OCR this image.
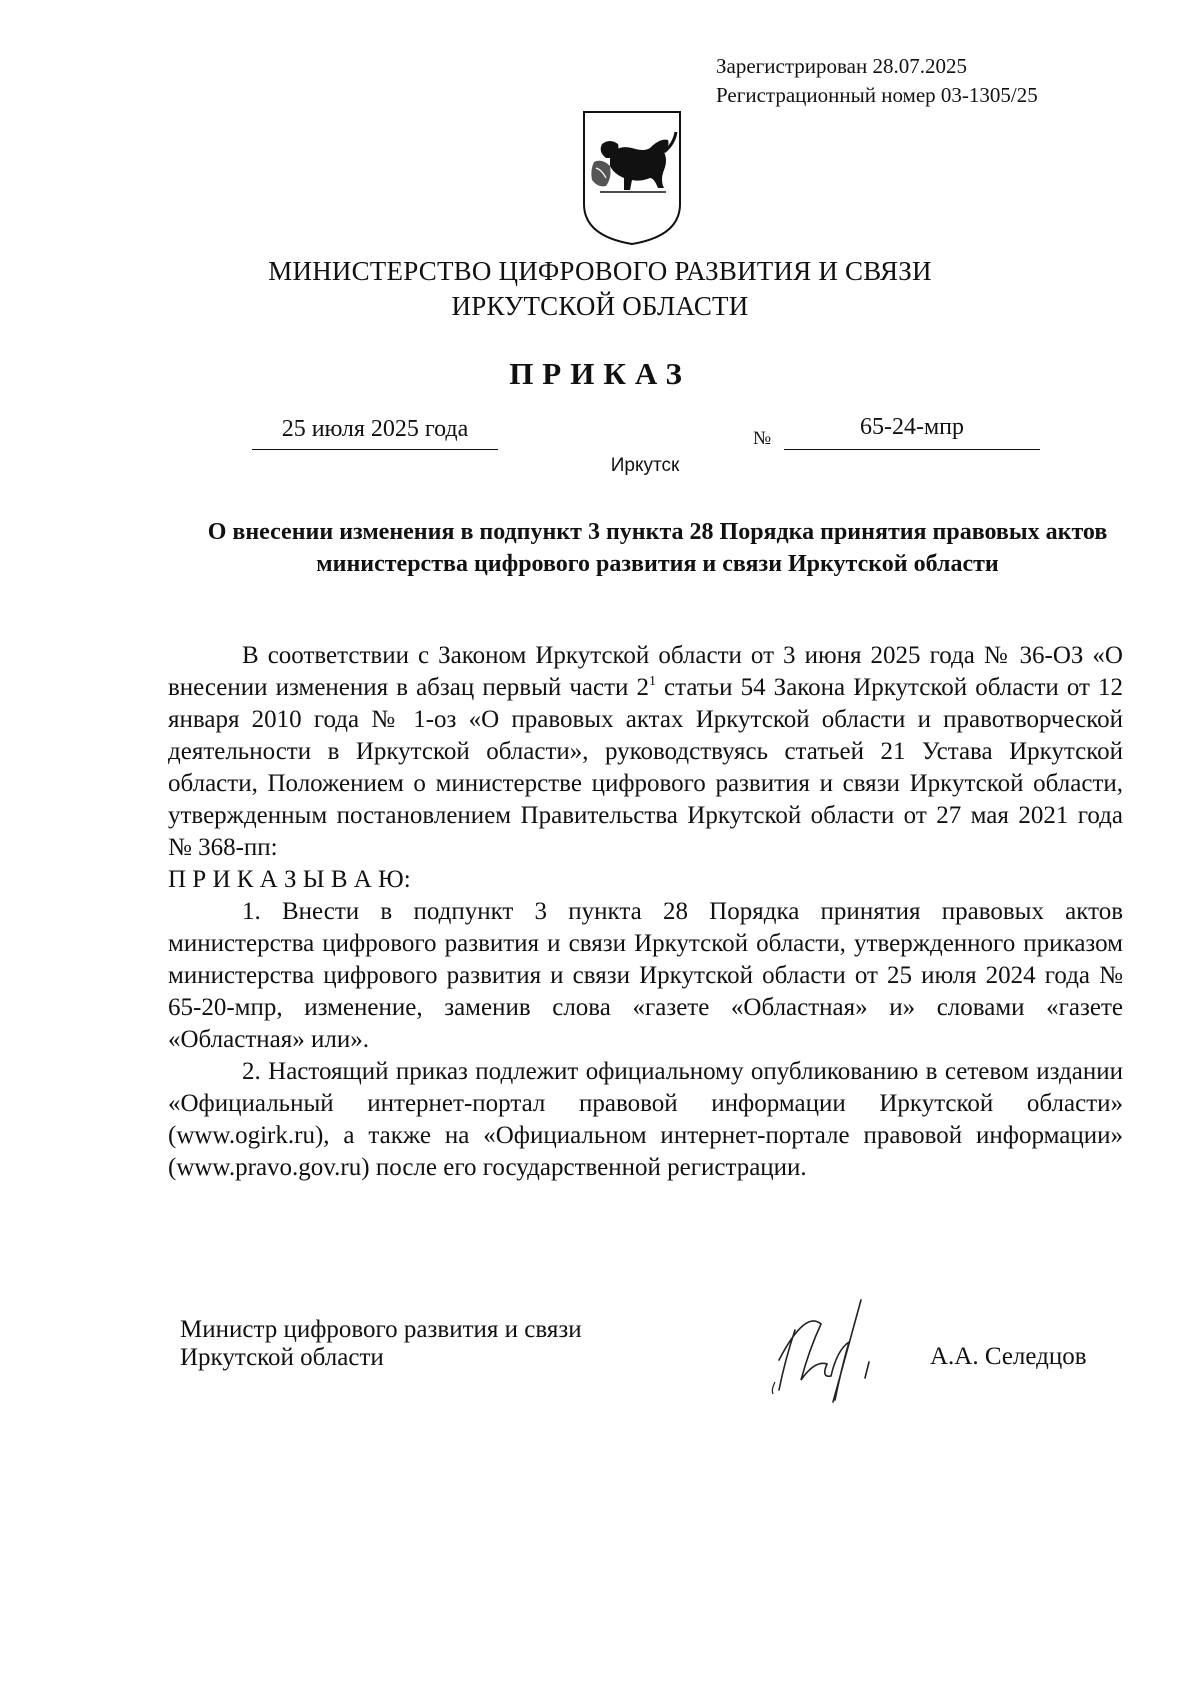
Зарегистрирован 28.07.2025
Регистрационный номер 03-1305/25
МИНИСТЕРСТВО ЦИФРОВОГО РАЗВИТИЯ И СВЯЗИ
ИРКУТСКОЙ ОБЛАСТИ
ПРИКАЗ
25 июля 2025 года	№	65-24-мпр
Иркутск
О внесении изменения в подпункт 3 пункта 28 Порядка принятия правовых актов министерства цифрового развития и связи Иркутской области

В соответствии с Законом Иркутской области от 3 июня 2025 года № 36-ОЗ «О внесении изменения в абзац первый части $2^1$ статьи 54 Закона Иркутской области от 12 января 2010 года № 1-оз «О правовых актах Иркутской области и правотворческой деятельности в Иркутской области», руководствуясь статьей 21 Устава Иркутской области, Положением о министерстве цифрового развития и связи Иркутской области, утвержденным постановлением Правительства Иркутской области от 27 мая 2021 года № 368-пп:

П Р И К А З Ы В А Ю:

1. Внести в подпункт 3 пункта 28 Порядка принятия правовых актов министерства цифрового развития и связи Иркутской области, утвержденного приказом министерства цифрового развития и связи Иркутской области от 25 июля 2024 года № 65-20-мпр, изменение, заменив слова «газете «Областная» и» словами «газете «Областная» или».

2. Настоящий приказ подлежит официальному опубликованию в сетевом издании «Официальный интернет-портал правовой информации Иркутской области» (www.ogirk.ru), а также на «Официальном интернет-портале правовой информации» (www.pravo.gov.ru) после его государственной регистрации.

Министр цифрового развития и связи
Иркутской области	А.А. Селедцов
